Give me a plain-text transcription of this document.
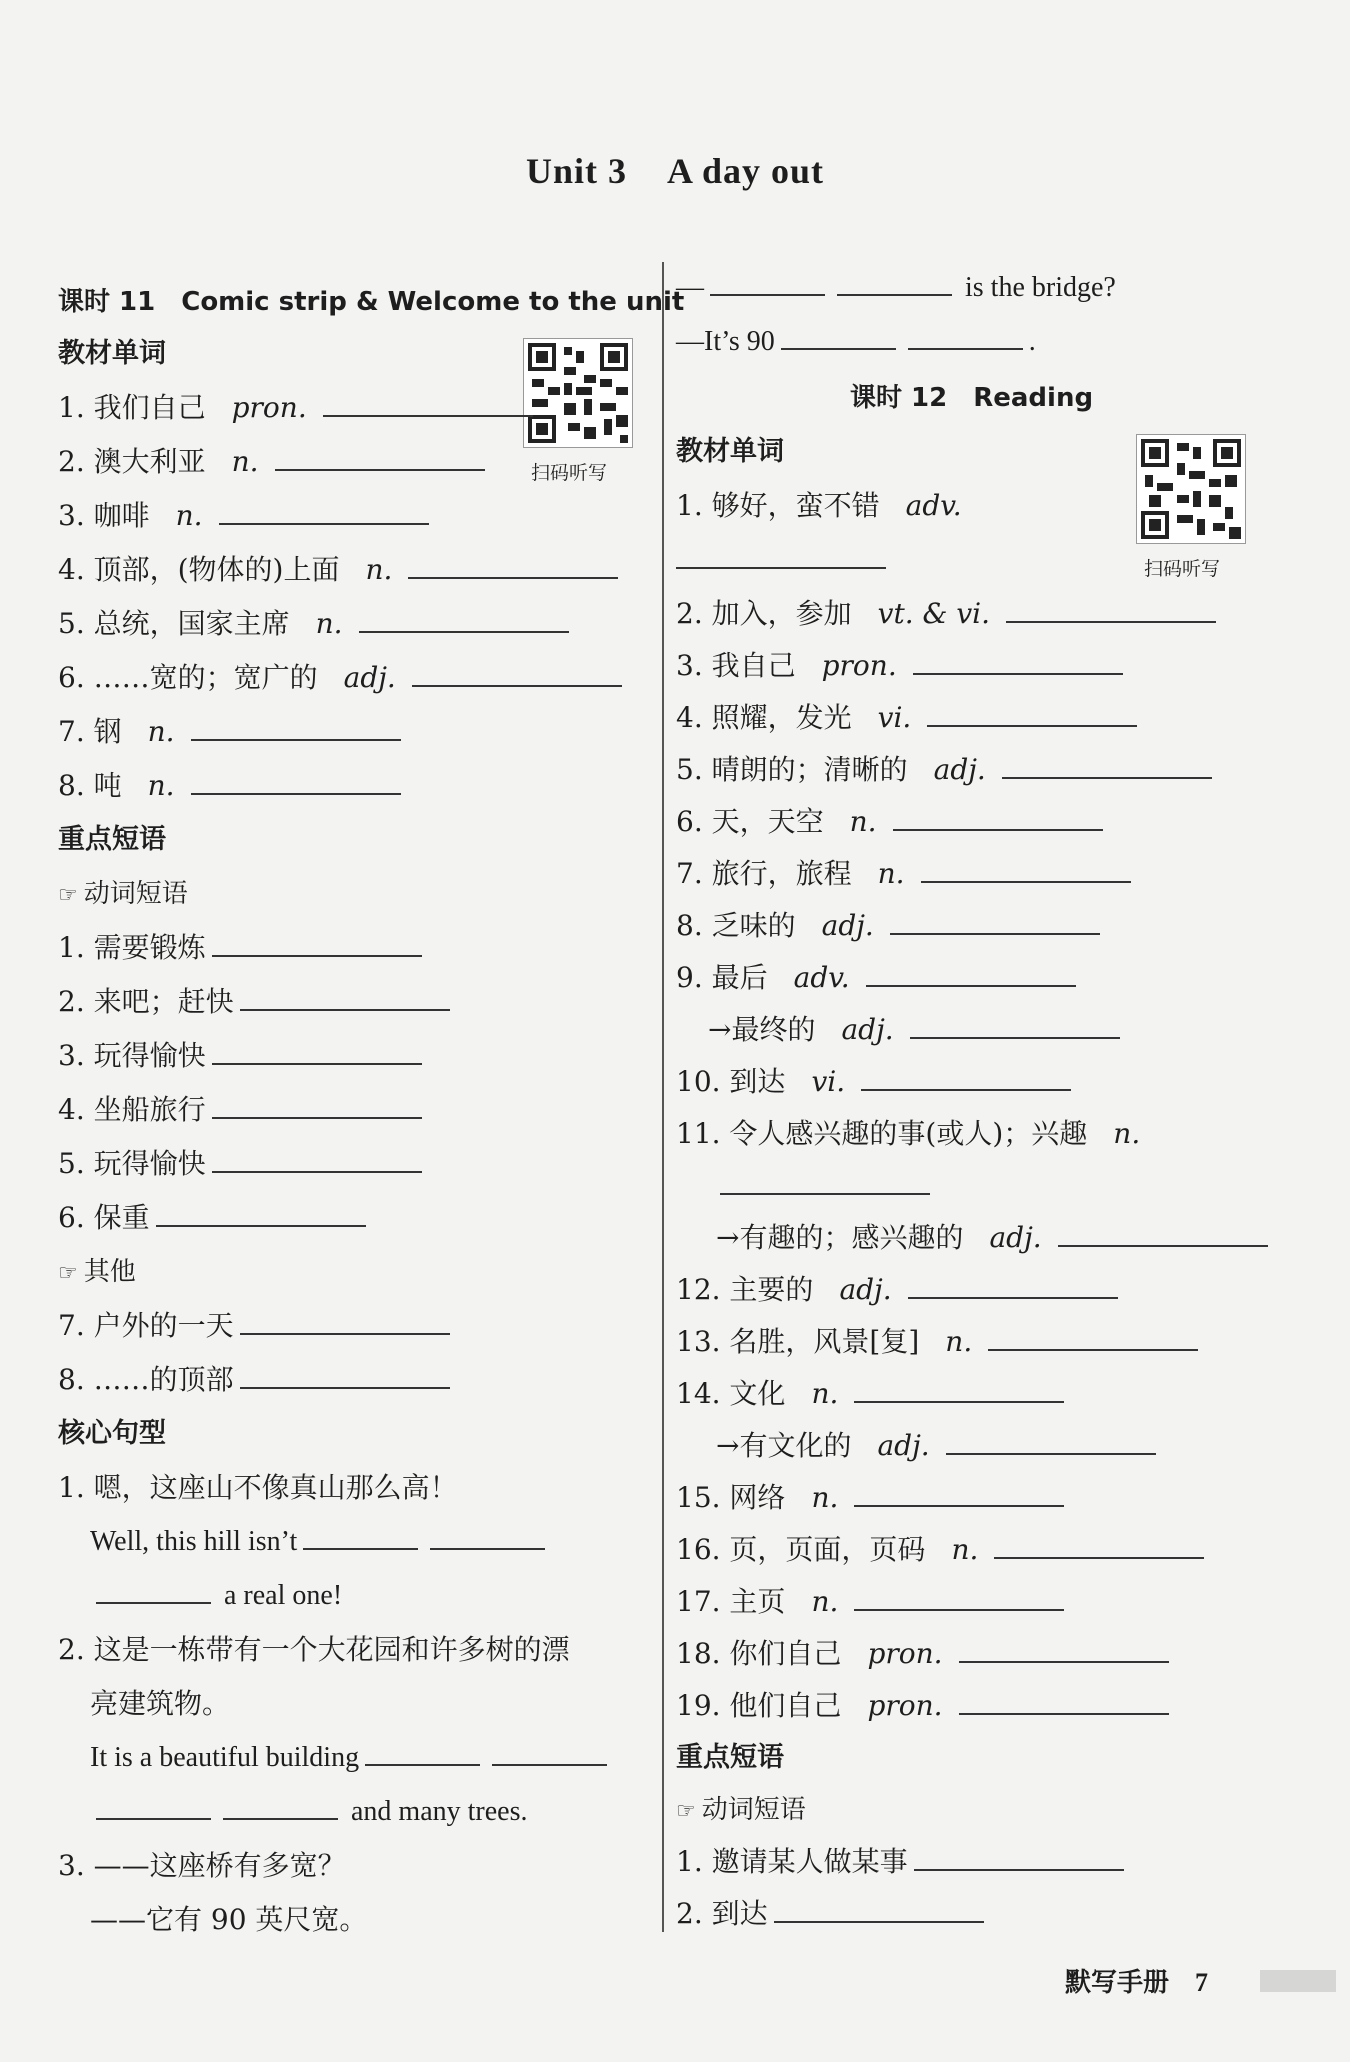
Unit 3 A day out
课时 11　Comic strip & Welcome to the unit
教材单词
扫码听写
1. 我们自己 pron.
2. 澳大利亚 n.
3. 咖啡 n.
4. 顶部，(物体的)上面 n.
5. 总统，国家主席 n.
6. ……宽的；宽广的 adj.
7. 钢 n.
8. 吨 n.
重点短语
☞ 动词短语
1. 需要锻炼
2. 来吧；赶快
3. 玩得愉快
4. 坐船旅行
5. 玩得愉快
6. 保重
☞ 其他
7. 户外的一天
8. ……的顶部
核心句型
1. 嗯，这座山不像真山那么高！
Well, this hill isn’t
a real one!
2. 这是一栋带有一个大花园和许多树的漂
亮建筑物。
It is a beautiful building
and many trees.
3. ——这座桥有多宽？
——它有 90 英尺宽。
—	is the bridge?
—It’s 90	.
课时 12　Reading
教材单词
扫码听写
1. 够好，蛮不错 adv.
2. 加入，参加 vt. & vi.
3. 我自己 pron.
4. 照耀，发光 vi.
5. 晴朗的；清晰的 adj.
6. 天，天空 n.
7. 旅行，旅程 n.
8. 乏味的 adj.
9. 最后 adv.
→最终的 adj.
10. 到达 vi.
11. 令人感兴趣的事(或人)；兴趣 n.
→有趣的；感兴趣的 adj.
12. 主要的 adj.
13. 名胜，风景[复] n.
14. 文化 n.
→有文化的 adj.
15. 网络 n.
16. 页，页面，页码 n.
17. 主页 n.
18. 你们自己 pron.
19. 他们自己 pron.
重点短语
☞ 动词短语
1. 邀请某人做某事
2. 到达
默写手册 7
